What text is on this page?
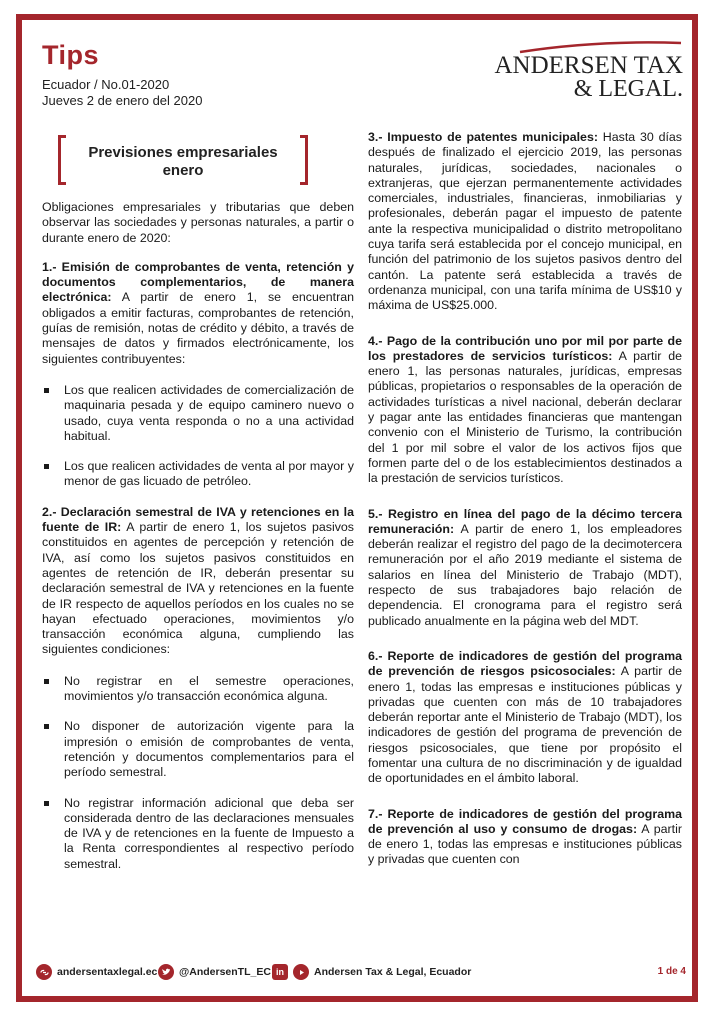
Tips
Ecuador / No.01-2020
Jueves 2 de enero del 2020
ANDERSEN TAX
& LEGAL.
Previsiones empresariales
enero

Obligaciones empresariales y tributarias que deben observar las sociedades y personas naturales, a partir o durante enero de 2020:

1.- Emisión de comprobantes de venta, retención y documentos complementarios, de manera electrónica: A partir de enero 1, se encuentran obligados a emitir facturas, comprobantes de retención, guías de remisión, notas de crédito y débito, a través de mensajes de datos y firmados electrónicamente, los siguientes contribuyentes:

Los que realicen actividades de comercialización de maquinaria pesada y de equipo caminero nuevo o usado, cuya venta responda o no a una actividad habitual.
Los que realicen actividades de venta al por mayor y menor de gas licuado de petróleo.

2.- Declaración semestral de IVA y retenciones en la fuente de IR: A partir de enero 1, los sujetos pasivos constituidos en agentes de percepción y retención de IVA, así como los sujetos pasivos constituidos en agentes de retención de IR, deberán presentar su declaración semestral de IVA y retenciones en la fuente de IR respecto de aquellos períodos en los cuales no se hayan efectuado operaciones, movimientos y/o transacción económica alguna, cumpliendo las siguientes condiciones:

No registrar en el semestre operaciones, movimientos y/o transacción económica alguna.
No disponer de autorización vigente para la impresión o emisión de comprobantes de venta, retención y documentos complementarios para el período semestral.
No registrar información adicional que deba ser considerada dentro de las declaraciones mensuales de IVA y de retenciones en la fuente de Impuesto a la Renta correspondientes al respectivo período semestral.

3.- Impuesto de patentes municipales: Hasta 30 días después de finalizado el ejercicio 2019, las personas naturales, jurídicas, sociedades, nacionales o extranjeras, que ejerzan permanentemente actividades comerciales, industriales, financieras, inmobiliarias y profesionales, deberán pagar el impuesto de patente ante la respectiva municipalidad o distrito metropolitano cuya tarifa será establecida por el concejo municipal, en función del patrimonio de los sujetos pasivos dentro del cantón. La patente será establecida a través de ordenanza municipal, con una tarifa mínima de US$10 y máxima de US$25.000.

4.- Pago de la contribución uno por mil por parte de los prestadores de servicios turísticos: A partir de enero 1, las personas naturales, jurídicas, empresas públicas, propietarios o responsables de la operación de actividades turísticas a nivel nacional, deberán declarar y pagar ante las entidades financieras que mantengan convenio con el Ministerio de Turismo, la contribución del 1 por mil sobre el valor de los activos fijos que formen parte del o de los establecimientos destinados a la prestación de servicios turísticos.

5.- Registro en línea del pago de la décimo tercera remuneración: A partir de enero 1, los empleadores deberán realizar el registro del pago de la decimotercera remuneración por el año 2019 mediante el sistema de salarios en línea del Ministerio de Trabajo (MDT), respecto de sus trabajadores bajo relación de dependencia. El cronograma para el registro será publicado anualmente en la página web del MDT.

6.- Reporte de indicadores de gestión del programa de prevención de riesgos psicosociales: A partir de enero 1, todas las empresas e instituciones públicas y privadas que cuenten con más de 10 trabajadores deberán reportar ante el Ministerio de Trabajo (MDT), los indicadores de gestión del programa de prevención de riesgos psicosociales, que tiene por propósito el fomentar una cultura de no discriminación y de igualdad de oportunidades en el ámbito laboral.

7.- Reporte de indicadores de gestión del programa de prevención al uso y consumo de drogas: A partir de enero 1, todas las empresas e instituciones públicas y privadas que cuenten con

andersentaxlegal.ec @AndersenTL_EC in	Andersen Tax & Legal, Ecuador	1 de 4
